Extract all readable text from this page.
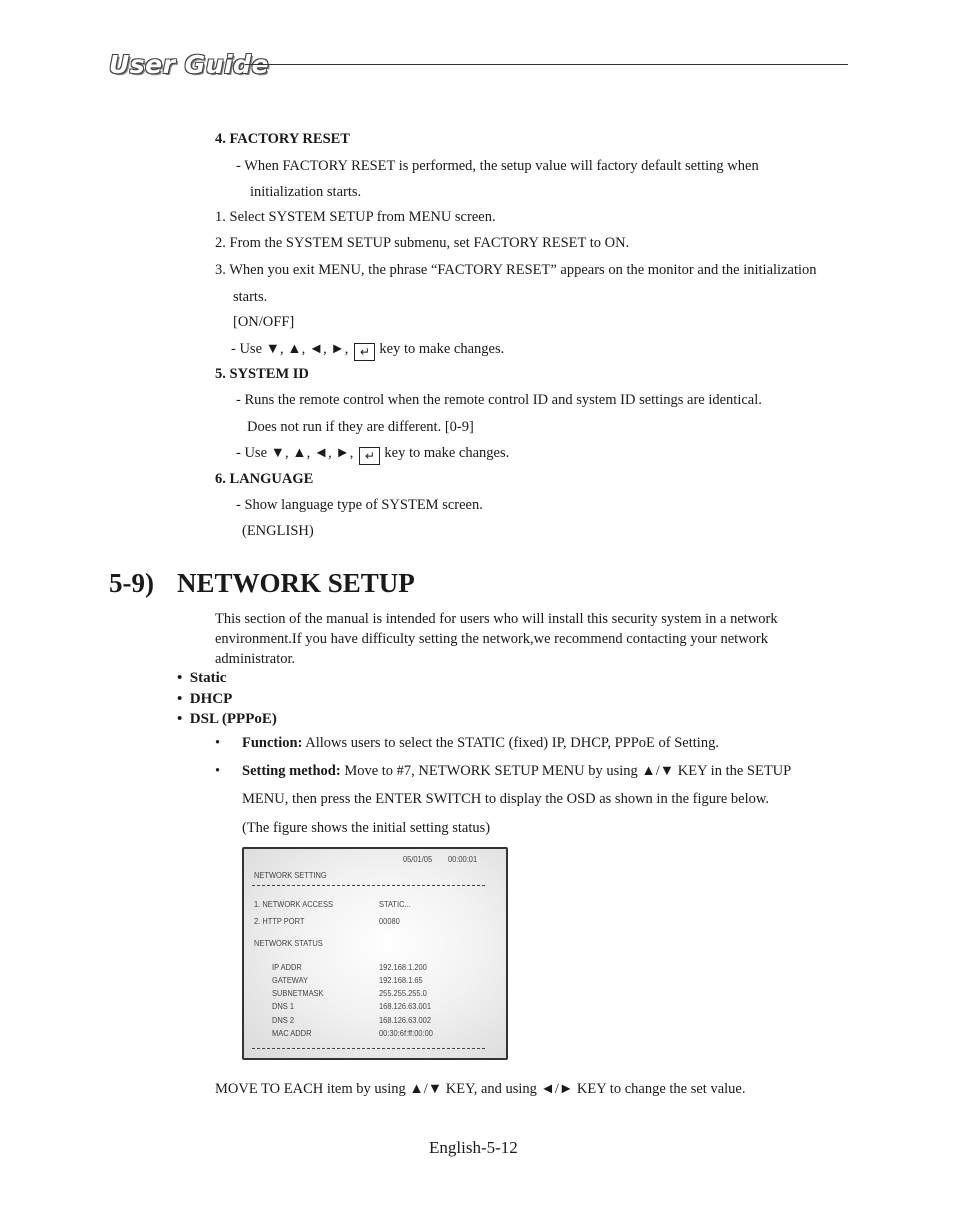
User Guide
4. FACTORY RESET
- When FACTORY RESET is performed, the setup value will factory default setting when
initialization starts.
1. Select SYSTEM SETUP from MENU screen.
2. From the SYSTEM SETUP submenu, set FACTORY RESET to ON.
3. When you exit MENU, the phrase “FACTORY RESET” appears on the monitor and the initialization
starts.
[ON/OFF]
- Use ▼, ▲, ◄, ►, ↵ key to make changes.
5. SYSTEM ID
- Runs the remote control when the remote control ID and system ID settings are identical.
Does not run if they are different. [0-9]
- Use ▼, ▲, ◄, ►, ↵ key to make changes.
6. LANGUAGE
- Show language type of SYSTEM screen.
(ENGLISH)
5-9) NETWORK SETUP
This section of the manual is intended for users who will install this security system in a network environment.If you have difficulty setting the network,we recommend contacting your network administrator.
•  Static
•  DHCP
•  DSL (PPPoE)
• Function: Allows users to select the STATIC (fixed) IP, DHCP, PPPoE of Setting.
• Setting method: Move to #7, NETWORK SETUP MENU by using ▲/▼ KEY in the SETUP
MENU, then press the ENTER SWITCH to display the OSD as shown in the figure below.
(The figure shows the initial setting status)
05/01/05 00:00:01
NETWORK SETTING
1. NETWORK ACCESS	STATIC...
2. HTTP PORT	00080
NETWORK STATUS
IP ADDR	192.168.1.200
GATEWAY	192.168.1.65
SUBNETMASK	255.255.255.0
DNS 1	168.126.63.001
DNS 2	168.126.63.002
MAC ADDR	00:30:6f:ff:00:00
MOVE TO EACH item by using ▲/▼ KEY, and using ◄/► KEY to change the set value.
English-5-12
